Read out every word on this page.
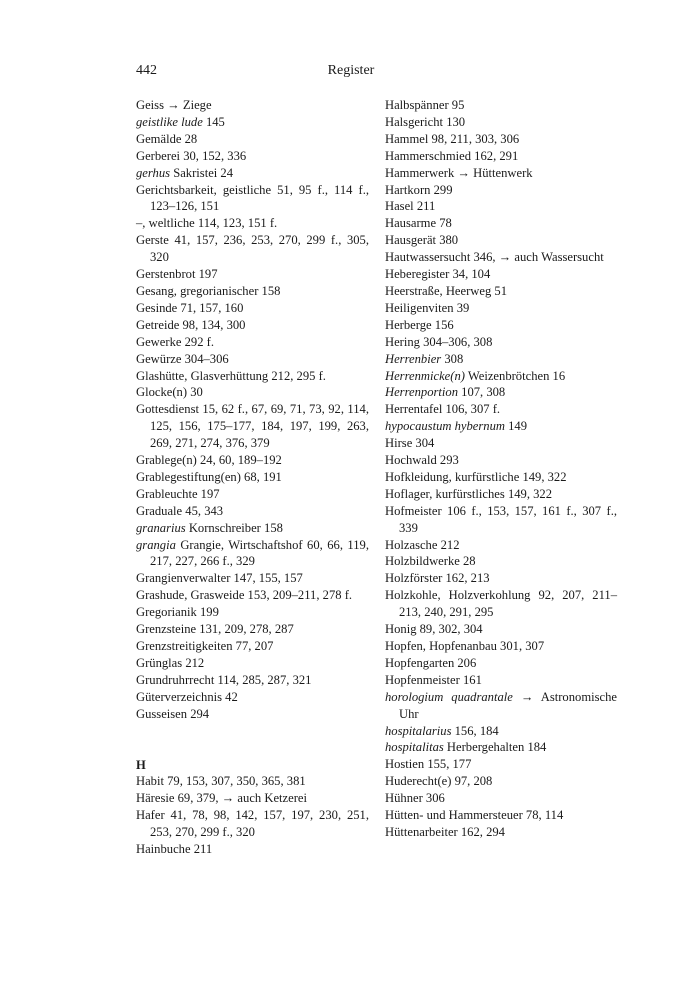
442	Register
Geiss → Ziege
geistlike lude 145
Gemälde 28
Gerberei 30, 152, 336
gerhus Sakristei 24
Gerichtsbarkeit, geistliche 51, 95 f., 114 f., 123–126, 151
–, weltliche 114, 123, 151 f.
Gerste 41, 157, 236, 253, 270, 299 f., 305, 320
Gerstenbrot 197
Gesang, gregorianischer 158
Gesinde 71, 157, 160
Getreide 98, 134, 300
Gewerke 292 f.
Gewürze 304–306
Glashütte, Glasverhüttung 212, 295 f.
Glocke(n) 30
Gottesdienst 15, 62 f., 67, 69, 71, 73, 92, 114, 125, 156, 175–177, 184, 197, 199, 263, 269, 271, 274, 376, 379
Grablege(n) 24, 60, 189–192
Grablegestiftung(en) 68, 191
Grableuchte 197
Graduale 45, 343
granarius Kornschreiber 158
grangia Grangie, Wirtschaftshof 60, 66, 119, 217, 227, 266 f., 329
Grangienverwalter 147, 155, 157
Grashude, Grasweide 153, 209–211, 278 f.
Gregorianik 199
Grenzsteine 131, 209, 278, 287
Grenzstreitigkeiten 77, 207
Grünglas 212
Grundruhrrecht 114, 285, 287, 321
Güterverzeichnis 42
Gusseisen 294
H
Habit 79, 153, 307, 350, 365, 381
Häresie 69, 379, → auch Ketzerei
Hafer 41, 78, 98, 142, 157, 197, 230, 251, 253, 270, 299 f., 320
Hainbuche 211
Halbspänner 95
Halsgericht 130
Hammel 98, 211, 303, 306
Hammerschmied 162, 291
Hammerwerk → Hüttenwerk
Hartkorn 299
Hasel 211
Hausarme 78
Hausgerät 380
Hautwassersucht 346, → auch Wassersucht
Heberegister 34, 104
Heerstraße, Heerweg 51
Heiligenviten 39
Herberge 156
Hering 304–306, 308
Herrenbier 308
Herrenmicke(n) Weizenbrötchen 16
Herrenportion 107, 308
Herrentafel 106, 307 f.
hypocaustum hybernum 149
Hirse 304
Hochwald 293
Hofkleidung, kurfürstliche 149, 322
Hoflager, kurfürstliches 149, 322
Hofmeister 106 f., 153, 157, 161 f., 307 f., 339
Holzasche 212
Holzbildwerke 28
Holzförster 162, 213
Holzkohle, Holzverkohlung 92, 207, 211–213, 240, 291, 295
Honig 89, 302, 304
Hopfen, Hopfenanbau 301, 307
Hopfengarten 206
Hopfenmeister 161
horologium quadrantale → Astronomische Uhr
hospitalarius 156, 184
hospitalitas Herbergehalten 184
Hostien 155, 177
Huderecht(e) 97, 208
Hühner 306
Hütten- und Hammersteuer 78, 114
Hüttenarbeiter 162, 294
